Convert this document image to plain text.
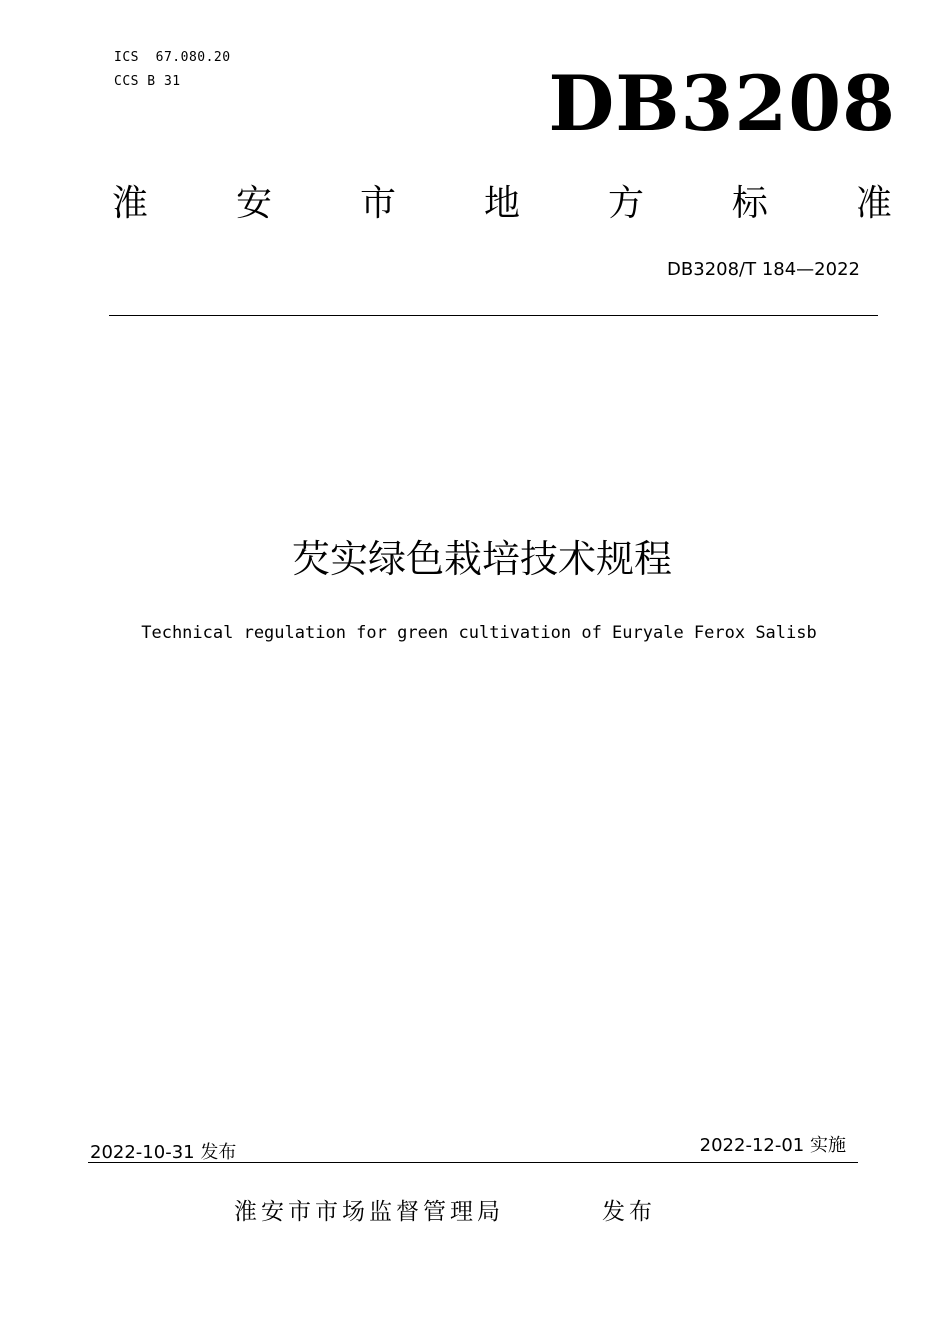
ICS  67.080.20
CCS B 31	DB3208
淮 安 市 地 方 标 准
DB3208/T 184—2022
芡实绿色栽培技术规程
Technical regulation for green cultivation of Euryale Ferox Salisb
2022-10-31 发布	2022-12-01 实施
淮安市市场监督管理局	发布
